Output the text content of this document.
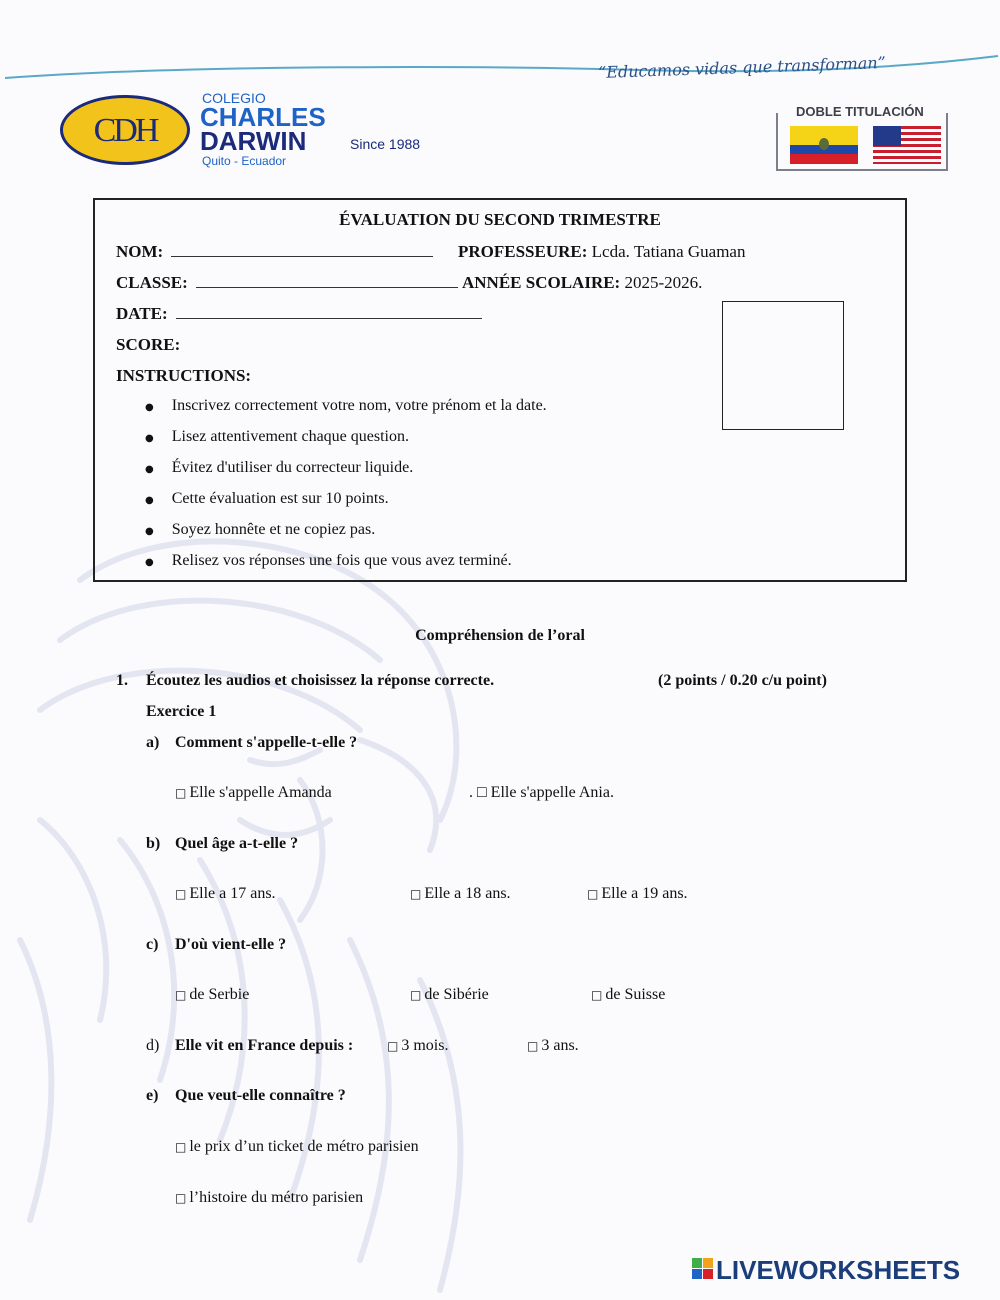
“Educamos vidas que transforman”
CDH
COLEGIO
CHARLES
DARWIN	Since 1988
Quito - Ecuador
DOBLE TITULACIÓN
ÉVALUATION DU SECOND TRIMESTRE
NOM:	PROFESSEURE: Lcda. Tatiana Guaman
CLASSE:	ANNÉE SCOLAIRE: 2025-2026.
DATE:
SCORE:
INSTRUCTIONS:
● Inscrivez correctement votre nom, votre prénom et la date.
● Lisez attentivement chaque question.
● Évitez d'utiliser du correcteur liquide.
● Cette évaluation est sur 10 points.
● Soyez honnête et ne copiez pas.
● Relisez vos réponses une fois que vous avez terminé.
Compréhension de l’oral
1. Écoutez les audios et choisissez la réponse correcte.	(2 points / 0.20 c/u point)
Exercice 1
a) Comment s'appelle-t-elle ?
□ Elle s'appelle Amanda	. □ Elle s'appelle Ania.
b) Quel âge a-t-elle ?
□ Elle a 17 ans.	□ Elle a 18 ans.	□ Elle a 19 ans.
c) D'où vient-elle ?
□ de Serbie	□ de Sibérie	□ de Suisse
d) Elle vit en France depuis :	□ 3 mois.	□ 3 ans.
e) Que veut-elle connaître ?
□ le prix d’un ticket de métro parisien
□ l’histoire du métro parisien
LIVEWORKSHEETS
